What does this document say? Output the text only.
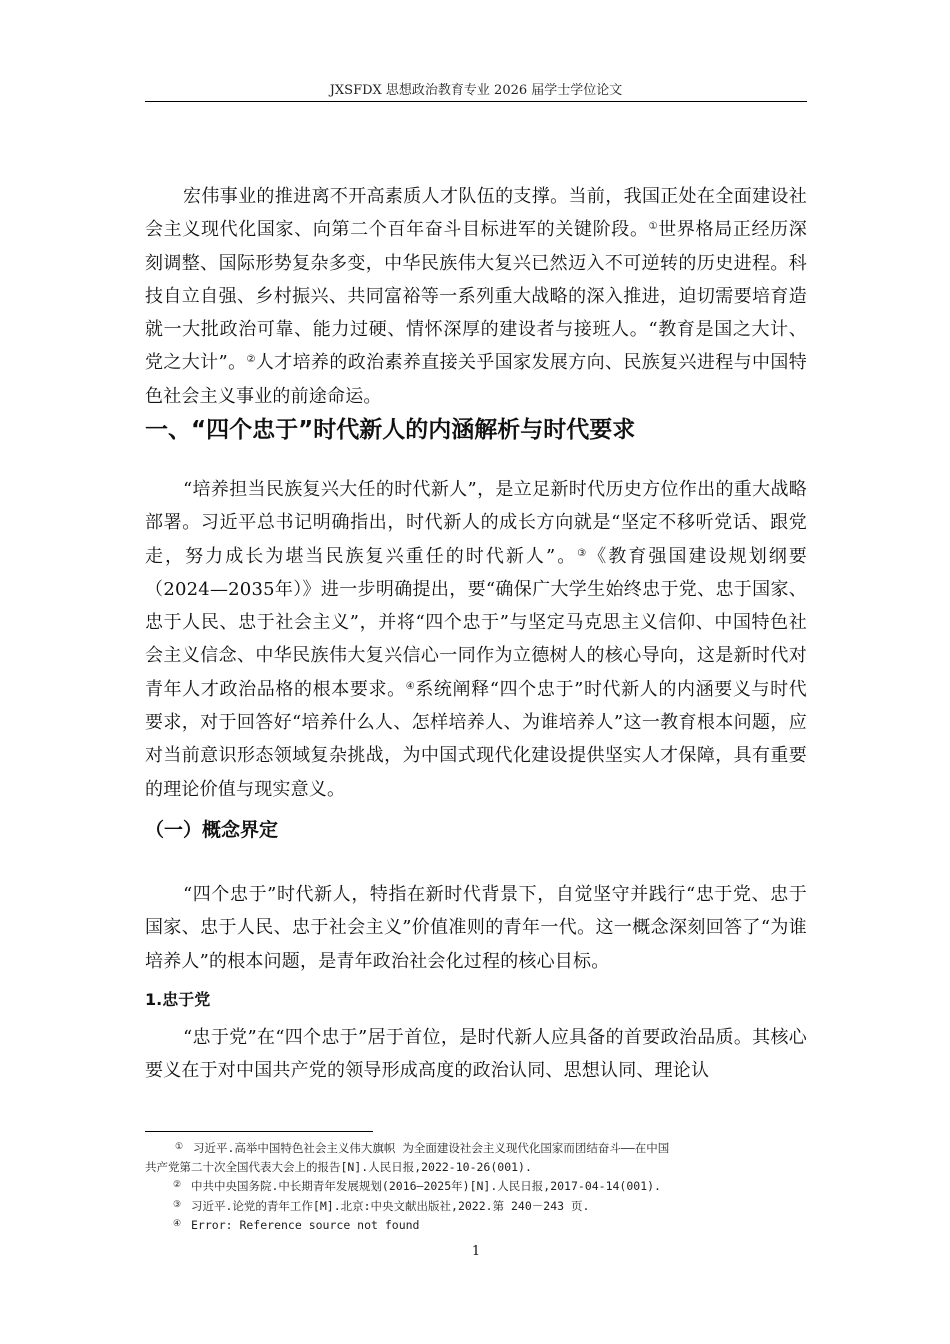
JXSFDX 思想政治教育专业 2026 届学士学位论文

宏伟事业的推进离不开高素质人才队伍的支撑。当前，我国正处在全面建设社会主义现代化国家、向第二个百年奋斗目标进军的关键阶段。①世界格局正经历深刻调整、国际形势复杂多变，中华民族伟大复兴已然迈入不可逆转的历史进程。科技自立自强、乡村振兴、共同富裕等一系列重大战略的深入推进，迫切需要培育造就一大批政治可靠、能力过硬、情怀深厚的建设者与接班人。“教育是国之大计、党之大计”。②人才培养的政治素养直接关乎国家发展方向、民族复兴进程与中国特色社会主义事业的前途命运。

一、“四个忠于”时代新人的内涵解析与时代要求

“培养担当民族复兴大任的时代新人”，是立足新时代历史方位作出的重大战略部署。习近平总书记明确指出，时代新人的成长方向就是“坚定不移听党话、跟党走，努力成长为堪当民族复兴重任的时代新人”。③《教育强国建设规划纲要（2024—2035年）》进一步明确提出，要“确保广大学生始终忠于党、忠于国家、忠于人民、忠于社会主义”，并将“四个忠于”与坚定马克思主义信仰、中国特色社会主义信念、中华民族伟大复兴信心一同作为立德树人的核心导向，这是新时代对青年人才政治品格的根本要求。④系统阐释“四个忠于”时代新人的内涵要义与时代要求，对于回答好“培养什么人、怎样培养人、为谁培养人”这一教育根本问题，应对当前意识形态领域复杂挑战，为中国式现代化建设提供坚实人才保障，具有重要的理论价值与现实意义。

（一）概念界定

“四个忠于”时代新人，特指在新时代背景下，自觉坚守并践行“忠于党、忠于国家、忠于人民、忠于社会主义”价值准则的青年一代。这一概念深刻回答了“为谁培养人”的根本问题，是青年政治社会化过程的核心目标。

1.忠于党

“忠于党”在“四个忠于”居于首位，是时代新人应具备的首要政治品质。其核心要义在于对中国共产党的领导形成高度的政治认同、思想认同、理论认

① 习近平.高举中国特色社会主义伟大旗帜 为全面建设社会主义现代化国家而团结奋斗——在中国

共产党第二十次全国代表大会上的报告[N].人民日报,2022-10-26(001).

② 中共中央国务院.中长期青年发展规划(2016—2025年)[N].人民日报,2017-04-14(001).

③ 习近平.论党的青年工作[M].北京:中央文献出版社,2022.第 240－243 页.

④ Error: Reference source not found

1
